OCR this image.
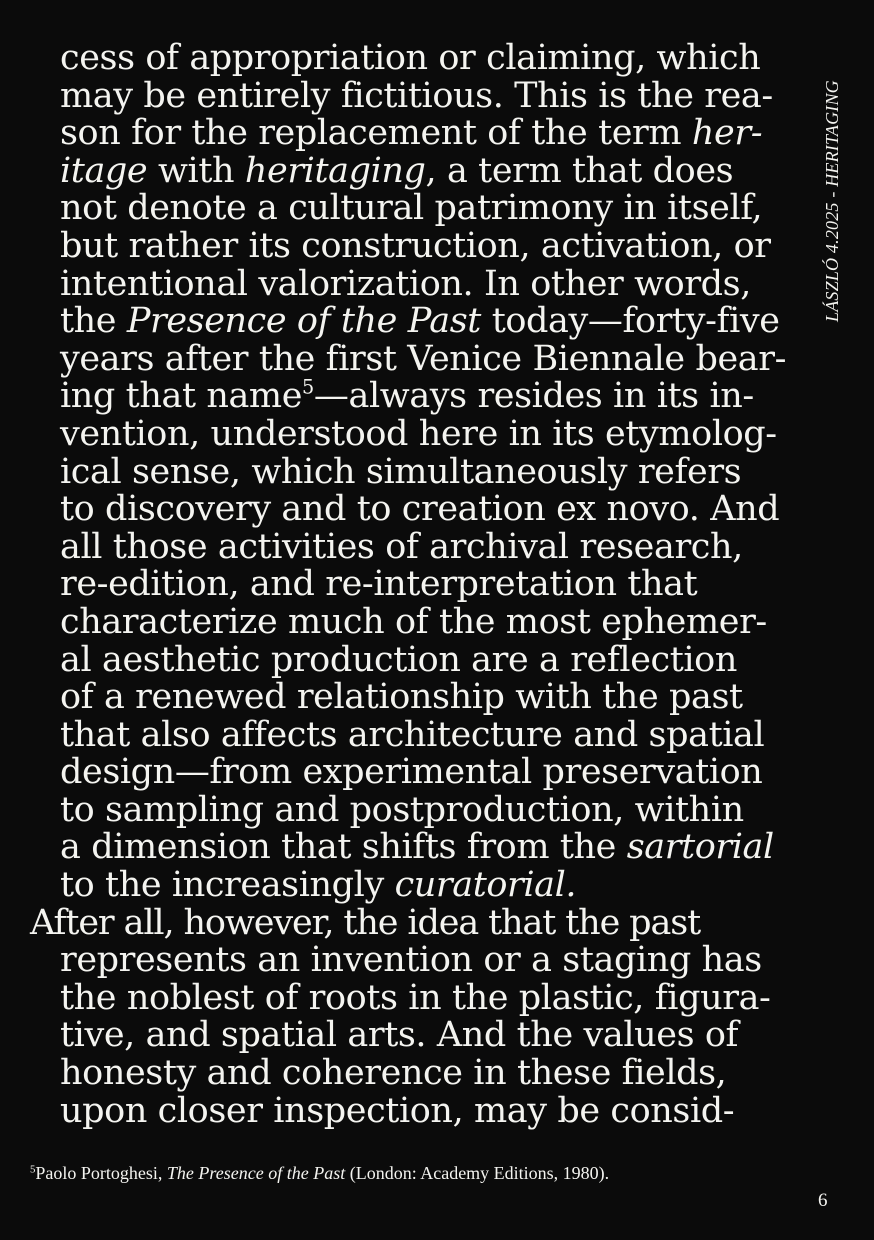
LÁSZLÓ 4.2025 - HERITAGING
cess of appropriation or claiming, which
may be entirely fictitious. This is the rea-
son for the replacement of the term her-
itage with heritaging, a term that does
not denote a cultural patrimony in itself,
but rather its construction, activation, or
intentional valorization. In other words,
the Presence of the Past today—forty-five
years after the first Venice Biennale bear-
ing that name$^5$—always resides in its in-
vention, understood here in its etymolog-
ical sense, which simultaneously refers
to discovery and to creation ex novo. And
all those activities of archival research,
re-edition, and re-interpretation that
characterize much of the most ephemer-
al aesthetic production are a reflection
of a renewed relationship with the past
that also affects architecture and spatial
design—from experimental preservation
to sampling and postproduction, within
a dimension that shifts from the sartorial
to the increasingly curatorial.
After all, however, the idea that the past
represents an invention or a staging has
the noblest of roots in the plastic, figura-
tive, and spatial arts. And the values of
honesty and coherence in these fields,
upon closer inspection, may be consid-
$^5$Paolo Portoghesi, The Presence of the Past (London: Academy Editions, 1980).
6
